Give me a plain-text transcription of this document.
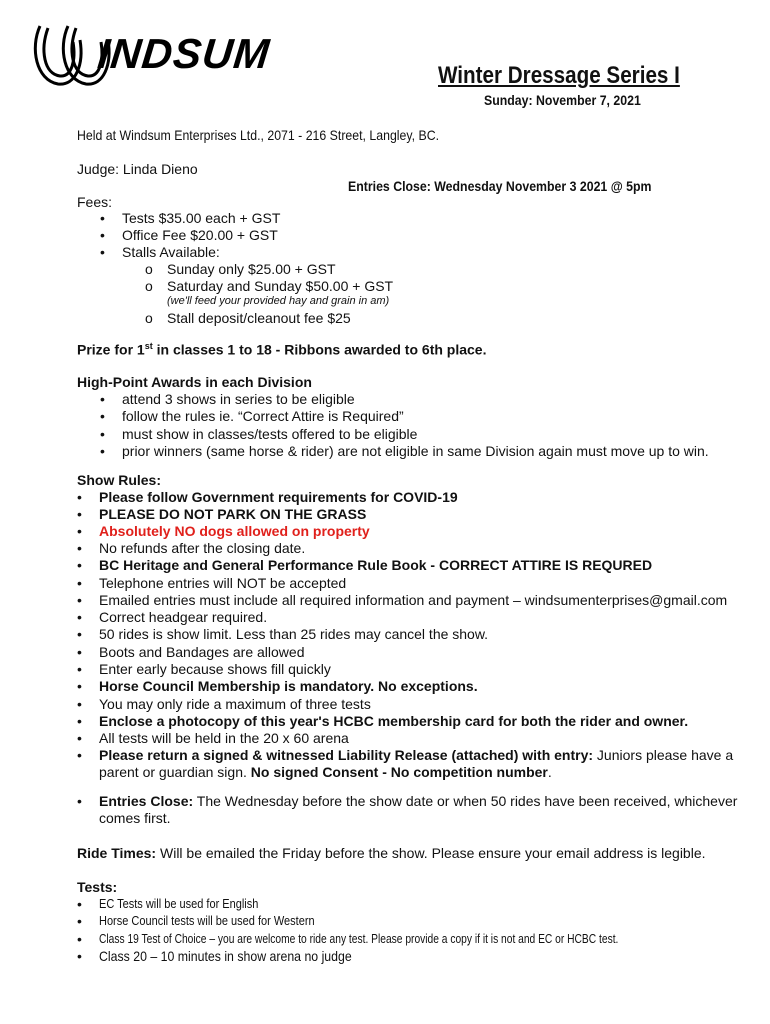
INDSUM	Winter Dressage Series I
Sunday: November 7, 2021
Held at Windsum Enterprises Ltd., 2071 - 216 Street, Langley, BC.
Judge: Linda Dieno
Entries Close: Wednesday November 3 2021 @ 5pm
Fees:
• Tests $35.00 each + GST
• Office Fee $20.00 + GST
• Stalls Available:
o Sunday only $25.00 + GST
o Saturday and Sunday $50.00 + GST
(we'll feed your provided hay and grain in am)
o Stall deposit/cleanout fee $25
Prize for 1st in classes 1 to 18 - Ribbons awarded to 6th place.
High-Point Awards in each Division
• attend 3 shows in series to be eligible
• follow the rules ie. “Correct Attire is Required”
• must show in classes/tests offered to be eligible
• prior winners (same horse & rider) are not eligible in same Division again must move up to win.
Show Rules:
• Please follow Government requirements for COVID-19
• PLEASE DO NOT PARK ON THE GRASS
• Absolutely NO dogs allowed on property
• No refunds after the closing date.
• BC Heritage and General Performance Rule Book - CORRECT ATTIRE IS REQURED
• Telephone entries will NOT be accepted
• Emailed entries must include all required information and payment – windsumenterprises@gmail.com
• Correct headgear required.
• 50 rides is show limit. Less than 25 rides may cancel the show.
• Boots and Bandages are allowed
• Enter early because shows fill quickly
• Horse Council Membership is mandatory. No exceptions.
• You may only ride a maximum of three tests
• Enclose a photocopy of this year's HCBC membership card for both the rider and owner.
• All tests will be held in the 20 x 60 arena
• Please return a signed & witnessed Liability Release (attached) with entry: Juniors please have a
parent or guardian sign. No signed Consent - No competition number.
• Entries Close: The Wednesday before the show date or when 50 rides have been received, whichever
comes first.
Ride Times: Will be emailed the Friday before the show. Please ensure your email address is legible.
Tests:
• EC Tests will be used for English
• Horse Council tests will be used for Western
• Class 19 Test of Choice – you are welcome to ride any test. Please provide a copy if it is not and EC or HCBC test.
• Class 20 – 10 minutes in show arena no judge
